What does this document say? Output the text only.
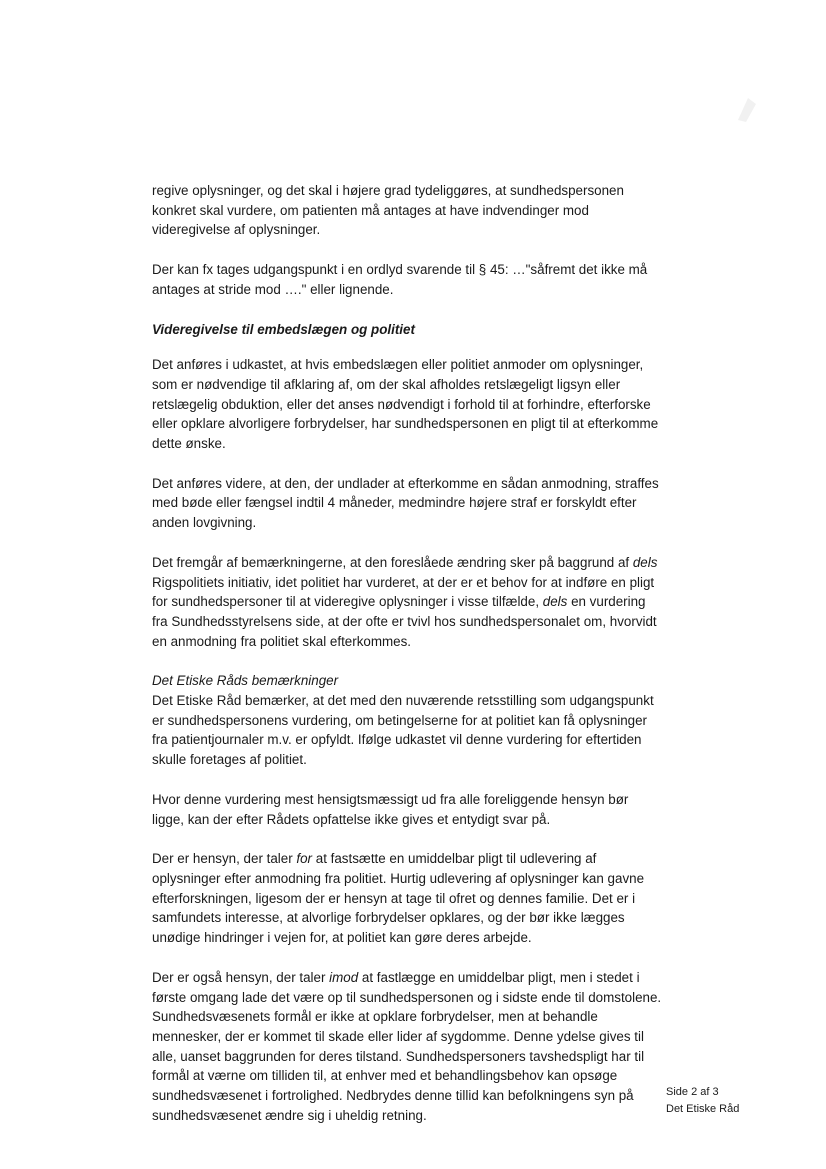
regive oplysninger, og det skal i højere grad tydeliggøres, at sundhedspersonen konkret skal vurdere, om patienten må antages at have indvendinger mod videregivelse af oplysninger.

Der kan fx tages udgangspunkt i en ordlyd svarende til § 45: …"såfremt det ikke må antages at stride mod …." eller lignende.

Videregivelse til embedslægen og politiet

Det anføres i udkastet, at hvis embedslægen eller politiet anmoder om oplysninger, som er nødvendige til afklaring af, om der skal afholdes retslægeligt ligsyn eller retslægelig obduktion, eller det anses nødvendigt i forhold til at forhindre, efterforske eller opklare alvorligere forbrydelser, har sundhedspersonen en pligt til at efterkomme dette ønske.

Det anføres videre, at den, der undlader at efterkomme en sådan anmodning, straffes med bøde eller fængsel indtil 4 måneder, medmindre højere straf er forskyldt efter anden lovgivning.

Det fremgår af bemærkningerne, at den foreslåede ændring sker på baggrund af dels Rigspolitiets initiativ, idet politiet har vurderet, at der er et behov for at indføre en pligt for sundhedspersoner til at videregive oplysninger i visse tilfælde, dels en vurdering fra Sundhedsstyrelsens side, at der ofte er tvivl hos sundhedspersonalet om, hvorvidt en anmodning fra politiet skal efterkommes.

Det Etiske Råds bemærkninger
Det Etiske Råd bemærker, at det med den nuværende retsstilling som udgangspunkt er sundhedspersonens vurdering, om betingelserne for at politiet kan få oplysninger fra patientjournaler m.v. er opfyldt. Ifølge udkastet vil denne vurdering for eftertiden skulle foretages af politiet.

Hvor denne vurdering mest hensigtsmæssigt ud fra alle foreliggende hensyn bør ligge, kan der efter Rådets opfattelse ikke gives et entydigt svar på.

Der er hensyn, der taler for at fastsætte en umiddelbar pligt til udlevering af oplysninger efter anmodning fra politiet. Hurtig udlevering af oplysninger kan gavne efterforskningen, ligesom der er hensyn at tage til ofret og dennes familie. Det er i samfundets interesse, at alvorlige forbrydelser opklares, og der bør ikke lægges unødige hindringer i vejen for, at politiet kan gøre deres arbejde.

Der er også hensyn, der taler imod at fastlægge en umiddelbar pligt, men i stedet i første omgang lade det være op til sundhedspersonen og i sidste ende til domstolene. Sundhedsvæsenets formål er ikke at opklare forbrydelser, men at behandle mennesker, der er kommet til skade eller lider af sygdomme. Denne ydelse gives til alle, uanset baggrunden for deres tilstand. Sundhedspersoners tavshedspligt har til formål at værne om tilliden til, at enhver med et behandlingsbehov kan opsøge sundhedsvæsenet i fortrolighed. Nedbrydes denne tillid kan befolkningens syn på sundhedsvæsenet ændre sig i uheldig retning.

Side 2 af 3
Det Etiske Råd
